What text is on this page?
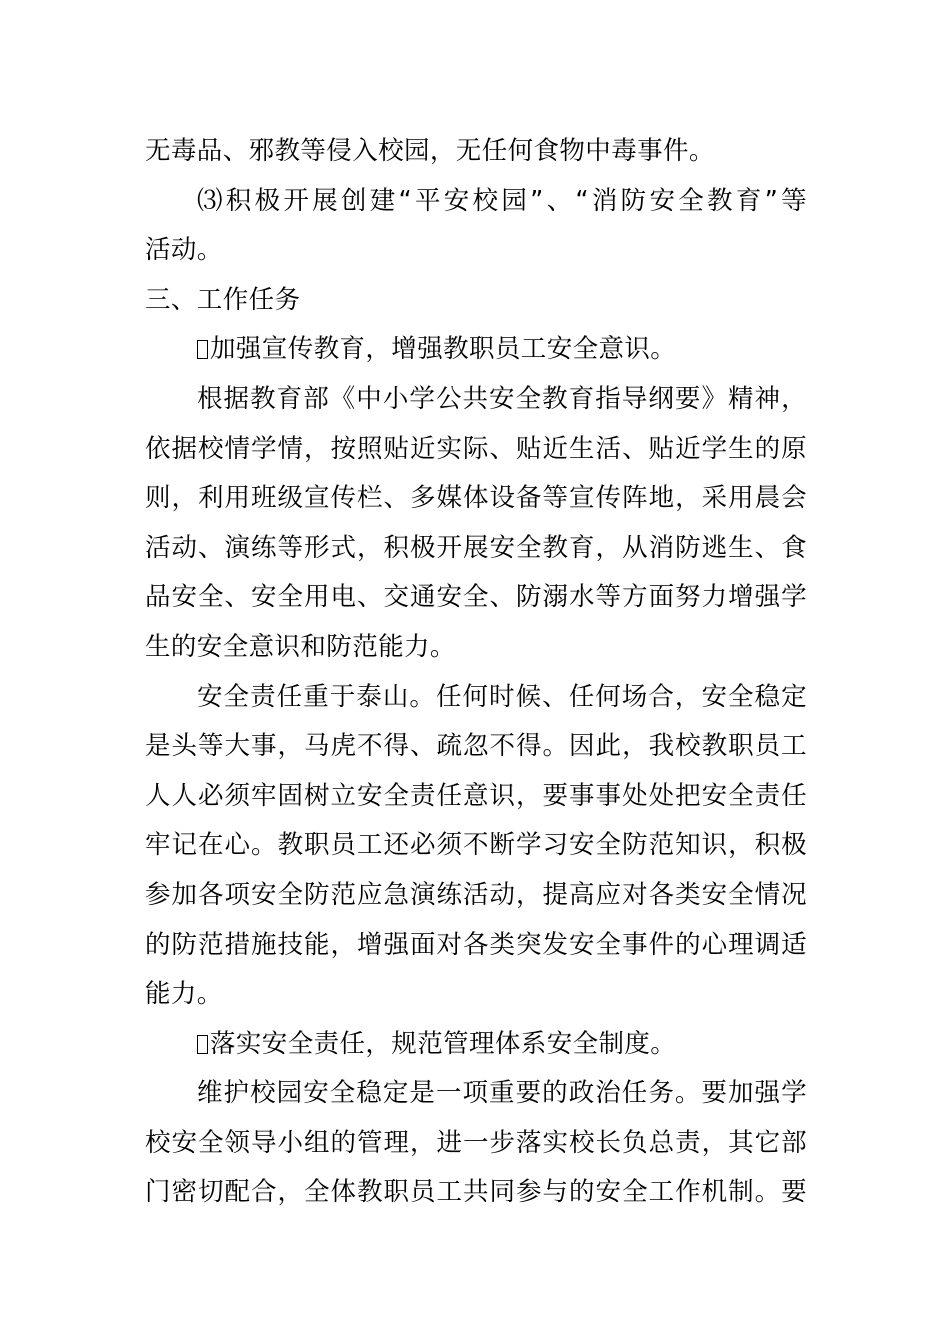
无毒品、邪教等侵入校园，无任何食物中毒事件。
⑶积极开展创建“平安校园”、“消防安全教育”等
活动。
三、工作任务
加强宣传教育，增强教职员工安全意识。
根据教育部《中小学公共安全教育指导纲要》精神，
依据校情学情，按照贴近实际、贴近生活、贴近学生的原
则，利用班级宣传栏、多媒体设备等宣传阵地，采用晨会
活动、演练等形式，积极开展安全教育，从消防逃生、食
品安全、安全用电、交通安全、防溺水等方面努力增强学
生的安全意识和防范能力。
安全责任重于泰山。任何时候、任何场合，安全稳定
是头等大事，马虎不得、疏忽不得。因此，我校教职员工
人人必须牢固树立安全责任意识，要事事处处把安全责任
牢记在心。教职员工还必须不断学习安全防范知识，积极
参加各项安全防范应急演练活动，提高应对各类安全情况
的防范措施技能，增强面对各类突发安全事件的心理调适
能力。
落实安全责任，规范管理体系安全制度。
维护校园安全稳定是一项重要的政治任务。要加强学
校安全领导小组的管理，进一步落实校长负总责，其它部
门密切配合，全体教职员工共同参与的安全工作机制。要
